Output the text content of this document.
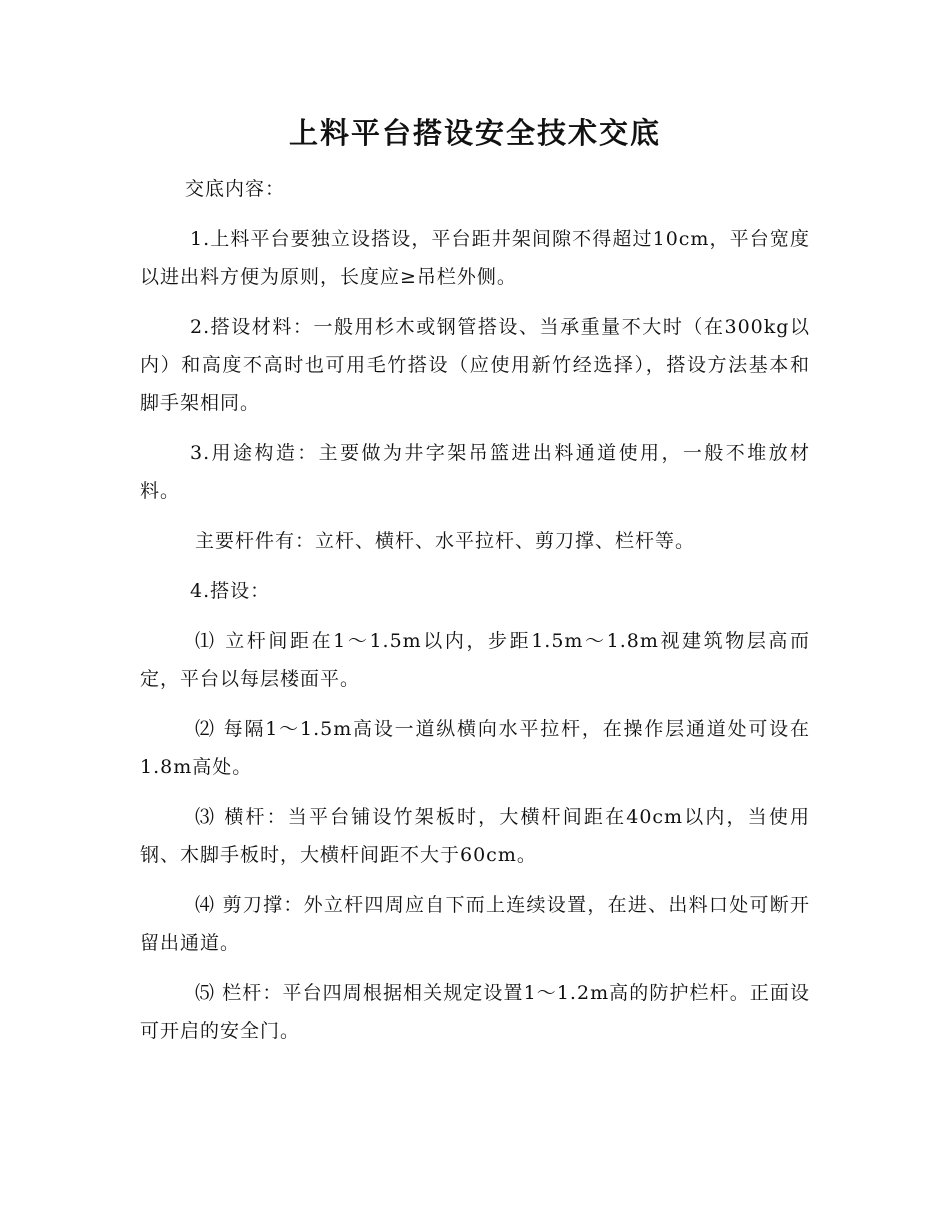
上料平台搭设安全技术交底

交底内容：

1.上料平台要独立设搭设，平台距井架间隙不得超过10cm，平台宽度以进出料方便为原则，长度应≥吊栏外侧。

2.搭设材料：一般用杉木或钢管搭设、当承重量不大时（在300kg以内）和高度不高时也可用毛竹搭设（应使用新竹经选择），搭设方法基本和脚手架相同。

3.用途构造：主要做为井字架吊篮进出料通道使用，一般不堆放材料。

主要杆件有：立杆、横杆、水平拉杆、剪刀撑、栏杆等。

4.搭设：

⑴ 立杆间距在1～1.5m以内，步距1.5m～1.8m视建筑物层高而定，平台以每层楼面平。

⑵ 每隔1～1.5m高设一道纵横向水平拉杆，在操作层通道处可设在1.8m高处。

⑶ 横杆：当平台铺设竹架板时，大横杆间距在40cm以内，当使用钢、木脚手板时，大横杆间距不大于60cm。

⑷ 剪刀撑：外立杆四周应自下而上连续设置，在进、出料口处可断开留出通道。

⑸ 栏杆：平台四周根据相关规定设置1～1.2m高的防护栏杆。正面设可开启的安全门。
